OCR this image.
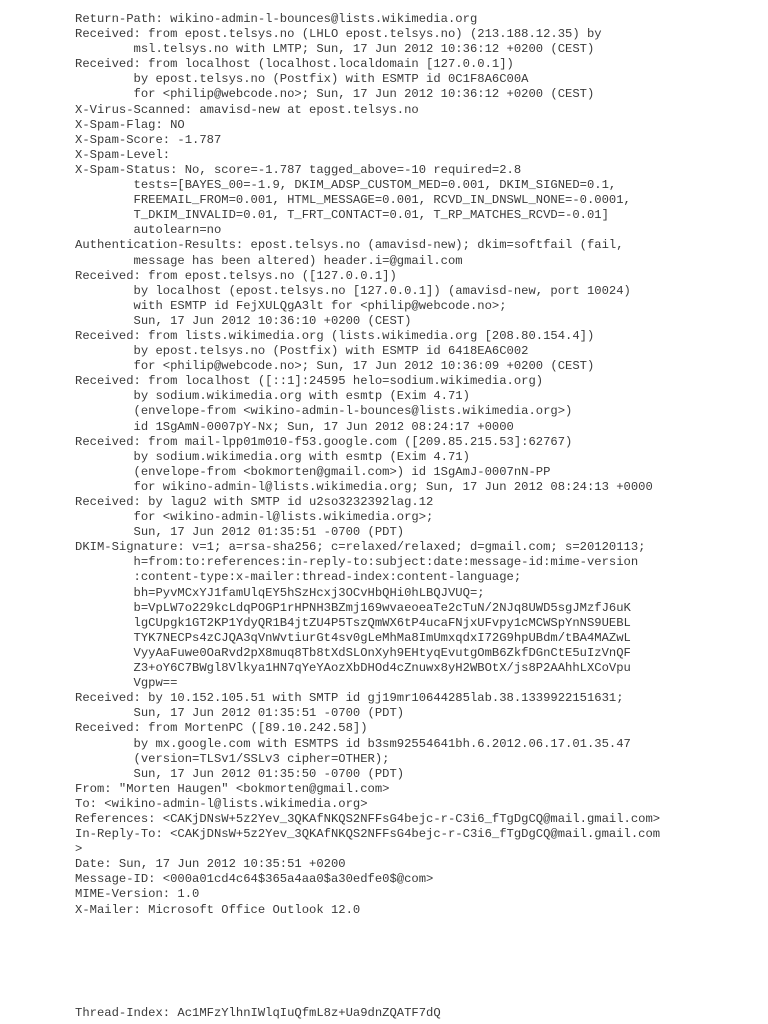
Return-Path: wikino-admin-l-bounces@lists.wikimedia.org
Received: from epost.telsys.no (LHLO epost.telsys.no) (213.188.12.35) by
msl.telsys.no with LMTP; Sun, 17 Jun 2012 10:36:12 +0200 (CEST)
Received: from localhost (localhost.localdomain [127.0.0.1])
by epost.telsys.no (Postfix) with ESMTP id 0C1F8A6C00A
for <philip@webcode.no>; Sun, 17 Jun 2012 10:36:12 +0200 (CEST)
X-Virus-Scanned: amavisd-new at epost.telsys.no
X-Spam-Flag: NO
X-Spam-Score: -1.787
X-Spam-Level:
X-Spam-Status: No, score=-1.787 tagged_above=-10 required=2.8
tests=[BAYES_00=-1.9, DKIM_ADSP_CUSTOM_MED=0.001, DKIM_SIGNED=0.1,
FREEMAIL_FROM=0.001, HTML_MESSAGE=0.001, RCVD_IN_DNSWL_NONE=-0.0001,
T_DKIM_INVALID=0.01, T_FRT_CONTACT=0.01, T_RP_MATCHES_RCVD=-0.01]
autolearn=no
Authentication-Results: epost.telsys.no (amavisd-new); dkim=softfail (fail,
message has been altered) header.i=@gmail.com
Received: from epost.telsys.no ([127.0.0.1])
by localhost (epost.telsys.no [127.0.0.1]) (amavisd-new, port 10024)
with ESMTP id FejXULQgA3lt for <philip@webcode.no>;
Sun, 17 Jun 2012 10:36:10 +0200 (CEST)
Received: from lists.wikimedia.org (lists.wikimedia.org [208.80.154.4])
by epost.telsys.no (Postfix) with ESMTP id 6418EA6C002
for <philip@webcode.no>; Sun, 17 Jun 2012 10:36:09 +0200 (CEST)
Received: from localhost ([::1]:24595 helo=sodium.wikimedia.org)
by sodium.wikimedia.org with esmtp (Exim 4.71)
(envelope-from <wikino-admin-l-bounces@lists.wikimedia.org>)
id 1SgAmN-0007pY-Nx; Sun, 17 Jun 2012 08:24:17 +0000
Received: from mail-lpp01m010-f53.google.com ([209.85.215.53]:62767)
by sodium.wikimedia.org with esmtp (Exim 4.71)
(envelope-from <bokmorten@gmail.com>) id 1SgAmJ-0007nN-PP
for wikino-admin-l@lists.wikimedia.org; Sun, 17 Jun 2012 08:24:13 +0000
Received: by lagu2 with SMTP id u2so3232392lag.12
for <wikino-admin-l@lists.wikimedia.org>;
Sun, 17 Jun 2012 01:35:51 -0700 (PDT)
DKIM-Signature: v=1; a=rsa-sha256; c=relaxed/relaxed; d=gmail.com; s=20120113;
h=from:to:references:in-reply-to:subject:date:message-id:mime-version
:content-type:x-mailer:thread-index:content-language;
bh=PyvMCxYJ1famUlqEY5hSzHcxj3OCvHbQHi0hLBQJVUQ=;
b=VpLW7o229kcLdqPOGP1rHPNH3BZmj169wvaeoeaTe2cTuN/2NJq8UWD5sgJMzfJ6uK
lgCUpgk1GT2KP1YdyQR1B4jtZU4P5TszQmWX6tP4ucaFNjxUFvpy1cMCWSpYnNS9UEBL
TYK7NECPs4zCJQA3qVnWvtiurGt4sv0gLeMhMa8ImUmxqdxI72G9hpUBdm/tBA4MAZwL
VyyAaFuwe0OaRvd2pX8muq8Tb8tXdSLOnXyh9EHtyqEvutgOmB6ZkfDGnCtE5uIzVnQF
Z3+oY6C7BWgl8Vlkya1HN7qYeYAozXbDHOd4cZnuwx8yH2WBOtX/js8P2AAhhLXCoVpu
Vgpw==
Received: by 10.152.105.51 with SMTP id gj19mr10644285lab.38.1339922151631;
Sun, 17 Jun 2012 01:35:51 -0700 (PDT)
Received: from MortenPC ([89.10.242.58])
by mx.google.com with ESMTPS id b3sm92554641bh.6.2012.06.17.01.35.47
(version=TLSv1/SSLv3 cipher=OTHER);
Sun, 17 Jun 2012 01:35:50 -0700 (PDT)
From: "Morten Haugen" <bokmorten@gmail.com>
To: <wikino-admin-l@lists.wikimedia.org>
References: <CAKjDNsW+5z2Yev_3QKAfNKQS2NFFsG4bejc-r-C3i6_fTgDgCQ@mail.gmail.com>
In-Reply-To: <CAKjDNsW+5z2Yev_3QKAfNKQS2NFFsG4bejc-r-C3i6_fTgDgCQ@mail.gmail.com
>
Date: Sun, 17 Jun 2012 10:35:51 +0200
Message-ID: <000a01cd4c64$365a4aa0$a30edfe0$@com>
MIME-Version: 1.0
X-Mailer: Microsoft Office Outlook 12.0
Thread-Index: Ac1MFzYlhnIWlqIuQfmL8z+Ua9dnZQATF7dQ
